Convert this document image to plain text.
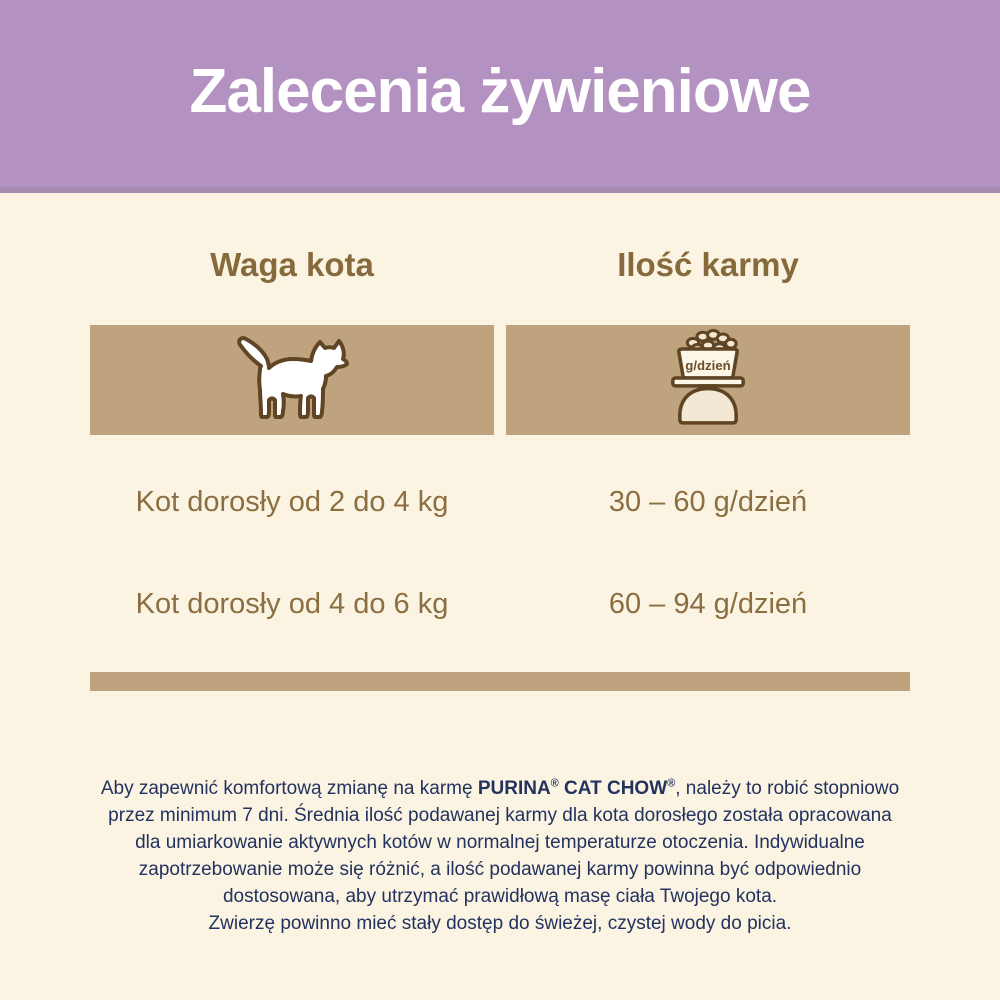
Zalecenia żywieniowe
Waga kota	Ilość karmy
g/dzień
Kot dorosły od 2 do 4 kg	30 – 60 g/dzień
Kot dorosły od 4 do 6 kg	60 – 94 g/dzień
Aby zapewnić komfortową zmianę na karmę PURINA® CAT CHOW®, należy to robić stopniowo
przez minimum 7 dni. Średnia ilość podawanej karmy dla kota dorosłego została opracowana
dla umiarkowanie aktywnych kotów w normalnej temperaturze otoczenia. Indywidualne
zapotrzebowanie może się różnić, a ilość podawanej karmy powinna być odpowiednio
dostosowana, aby utrzymać prawidłową masę ciała Twojego kota.
Zwierzę powinno mieć stały dostęp do świeżej, czystej wody do picia.
